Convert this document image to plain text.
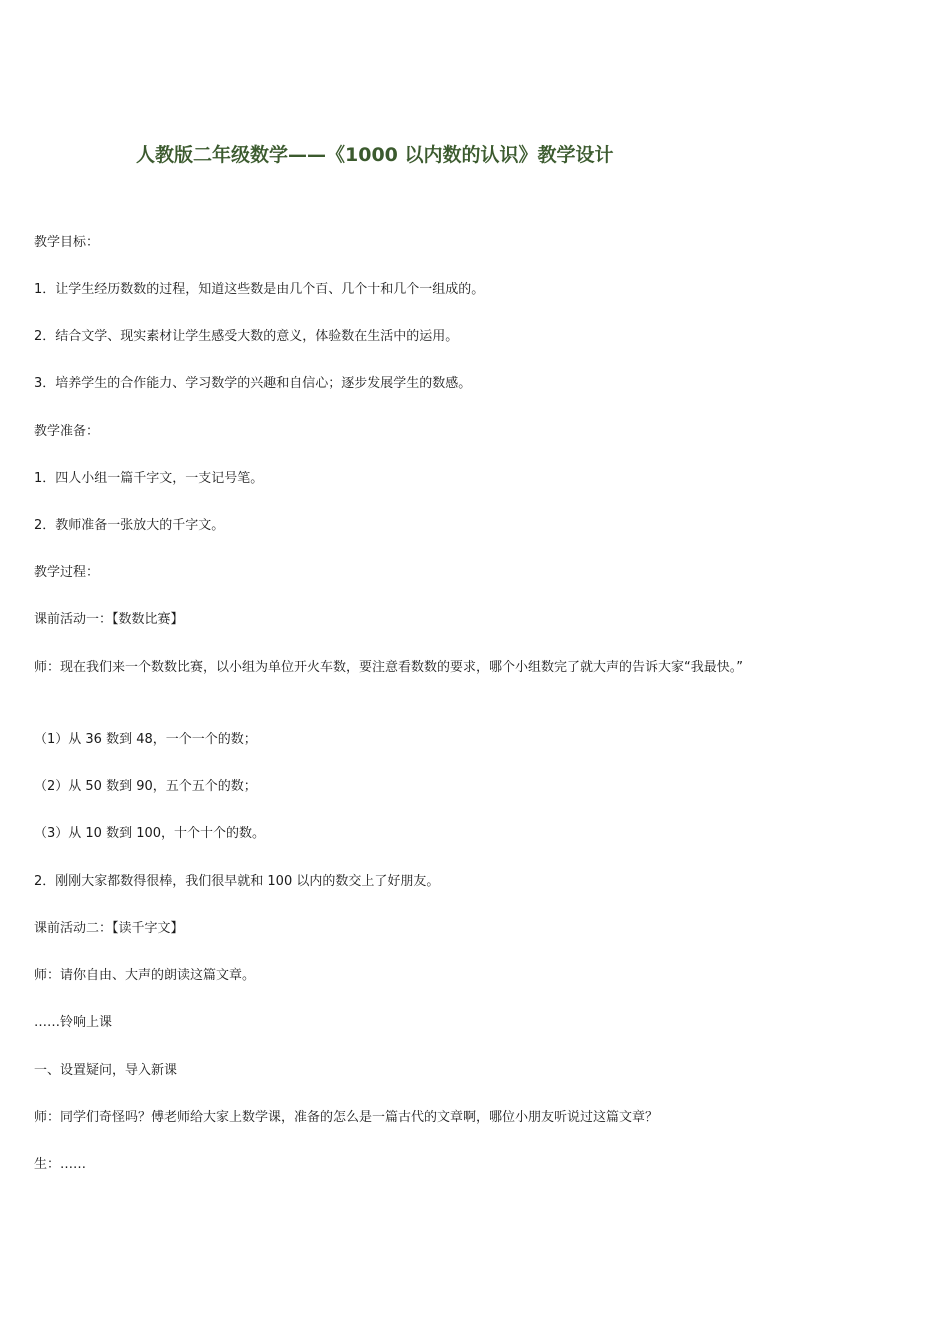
人教版二年级数学——《1000 以内数的认识》教学设计

教学目标：

1．让学生经历数数的过程，知道这些数是由几个百、几个十和几个一组成的。

2．结合文学、现实素材让学生感受大数的意义，体验数在生活中的运用。

3．培养学生的合作能力、学习数学的兴趣和自信心；逐步发展学生的数感。

教学准备：

1．四人小组一篇千字文，一支记号笔。

2．教师准备一张放大的千字文。

教学过程：

课前活动一：【数数比赛】

师：现在我们来一个数数比赛，以小组为单位开火车数，要注意看数数的要求，哪个小组数完了就大声的告诉大家“我最快。”

（1）从 36 数到 48，一个一个的数；

（2）从 50 数到 90，五个五个的数；

（3）从 10 数到 100，十个十个的数。

2．刚刚大家都数得很棒，我们很早就和 100 以内的数交上了好朋友。

课前活动二：【读千字文】

师：请你自由、大声的朗读这篇文章。

……铃响上课

一、设置疑问，导入新课

师：同学们奇怪吗？傅老师给大家上数学课，准备的怎么是一篇古代的文章啊，哪位小朋友听说过这篇文章？

生：……
